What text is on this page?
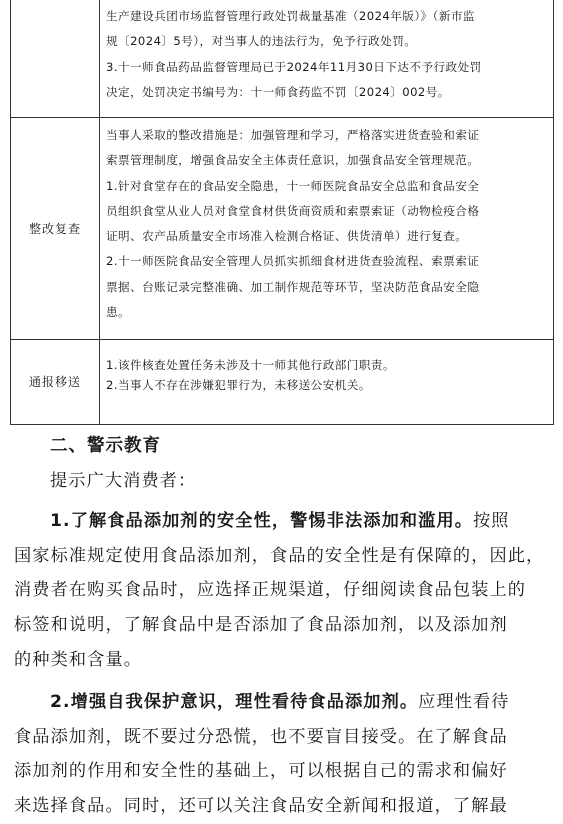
生产建设兵团市场监督管理行政处罚裁量基准（2024年版）》（新市监
规〔2024〕5号），对当事人的违法行为，免予行政处罚。
3.十一师食品药品监督管理局已于2024年11月30日下达不予行政处罚
决定，处罚决定书编号为：十一师食药监不罚〔2024〕002号。
整改复查
当事人采取的整改措施是：加强管理和学习，严格落实进货查验和索证
索票管理制度，增强食品安全主体责任意识，加强食品安全管理规范。
1.针对食堂存在的食品安全隐患，十一师医院食品安全总监和食品安全
员组织食堂从业人员对食堂食材供货商资质和索票索证（动物检疫合格
证明、农产品质量安全市场准入检测合格证、供货清单）进行复查。
2.十一师医院食品安全管理人员抓实抓细食材进货查验流程、索票索证
票据、台账记录完整准确、加工制作规范等环节，坚决防范食品安全隐
患。
通报移送
1.该件核查处置任务未涉及十一师其他行政部门职责。
2.当事人不存在涉嫌犯罪行为，未移送公安机关。
二、警示教育
提示广大消费者：
1.了解食品添加剂的安全性，警惕非法添加和滥用。按照
国家标准规定使用食品添加剂，食品的安全性是有保障的，因此，
消费者在购买食品时，应选择正规渠道，仔细阅读食品包装上的
标签和说明，了解食品中是否添加了食品添加剂，以及添加剂
的种类和含量。
2.增强自我保护意识，理性看待食品添加剂。应理性看待
食品添加剂，既不要过分恐慌，也不要盲目接受。在了解食品
添加剂的作用和安全性的基础上，可以根据自己的需求和偏好
来选择食品。同时，还可以关注食品安全新闻和报道，了解最
